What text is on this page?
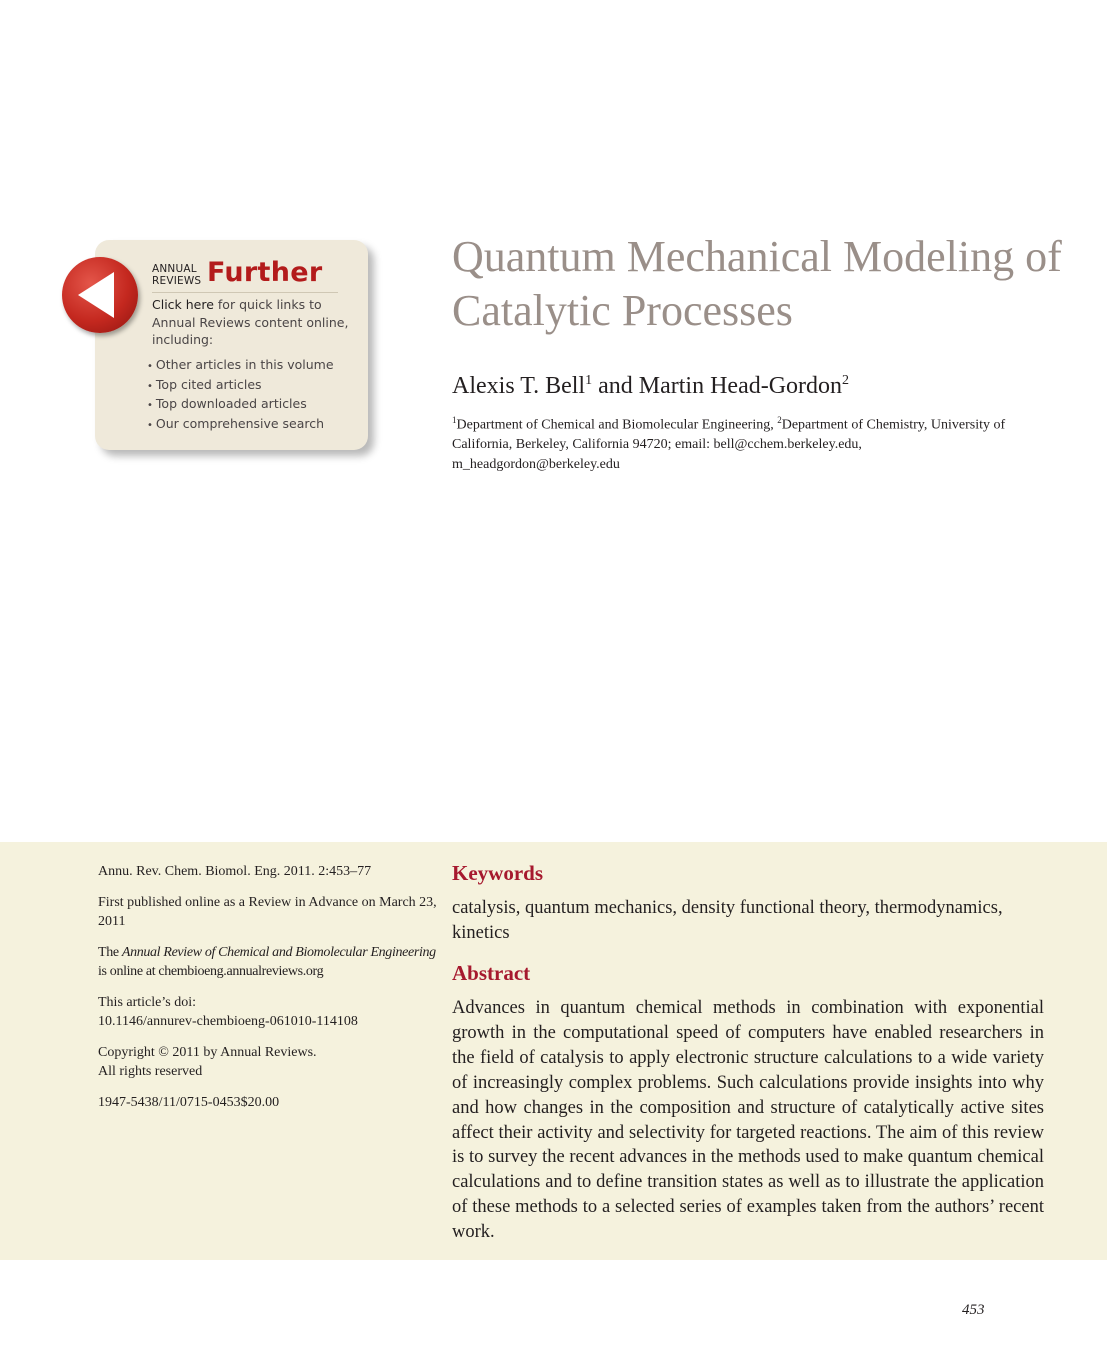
ANNUAL
REVIEWS Further
Click here for quick links to Annual Reviews content online, including:
• Other articles in this volume
• Top cited articles
• Top downloaded articles
• Our comprehensive search
Quantum Mechanical Modeling of Catalytic Processes
Alexis T. Bell$^1$ and Martin Head-Gordon$^2$
$^1$Department of Chemical and Biomolecular Engineering, $^2$Department of Chemistry, University of California, Berkeley, California 94720; email: bell@cchem.berkeley.edu, m_headgordon@berkeley.edu

Annu. Rev. Chem. Biomol. Eng. 2011. 2:453–77

First published online as a Review in Advance on March 23, 2011

The Annual Review of Chemical and Biomolecular Engineering is online at chembioeng.annualreviews.org

This article’s doi:
10.1146/annurev-chembioeng-061010-114108

Copyright © 2011 by Annual Reviews.
All rights reserved

1947-5438/11/0715-0453$20.00

Keywords
catalysis, quantum mechanics, density functional theory, thermodynamics, kinetics
Abstract

Advances in quantum chemical methods in combination with exponential growth in the computational speed of computers have enabled researchers in the field of catalysis to apply electronic structure calculations to a wide variety of increasingly complex problems. Such calculations provide insights into why and how changes in the composition and structure of catalytically active sites affect their activity and selectivity for targeted reactions. The aim of this review is to survey the recent advances in the methods used to make quantum chemical calculations and to define transition states as well as to illustrate the application of these methods to a selected series of examples taken from the authors’ recent work.

453
